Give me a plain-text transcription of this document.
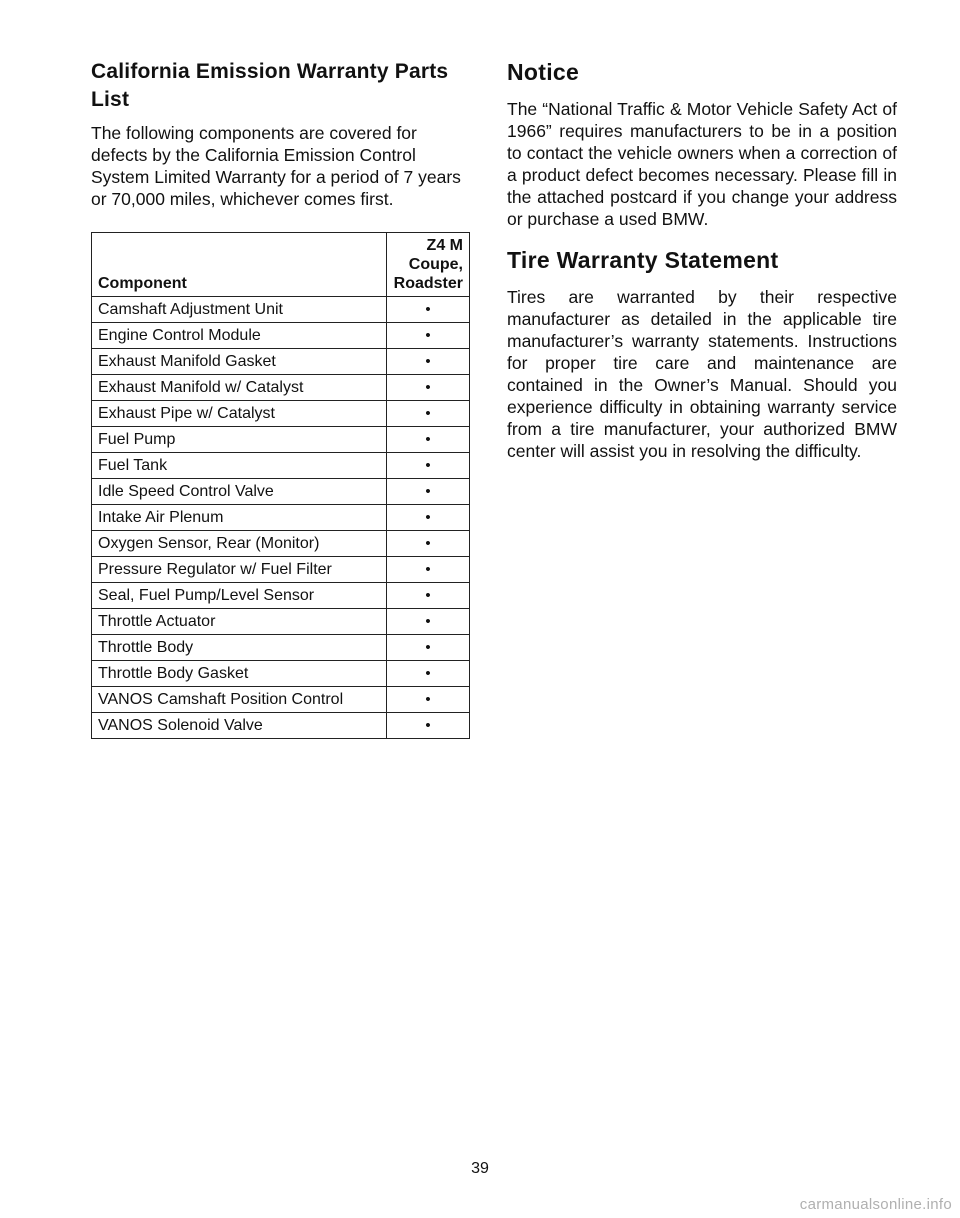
California Emission Warranty Parts List

The following components are covered for defects by the California Emission Control System Limited Warranty for a period of 7 years or 70,000 miles, whichever comes first.

Component	Z4 M Coupe, Roadster
Camshaft Adjustment Unit	•
Engine Control Module	•
Exhaust Manifold Gasket	•
Exhaust Manifold w/ Catalyst	•
Exhaust Pipe w/ Catalyst	•
Fuel Pump	•
Fuel Tank	•
Idle Speed Control Valve	•
Intake Air Plenum	•
Oxygen Sensor, Rear (Monitor)	•
Pressure Regulator w/ Fuel Filter	•
Seal, Fuel Pump/Level Sensor	•
Throttle Actuator	•
Throttle Body	•
Throttle Body Gasket	•
VANOS Camshaft Position Control	•
VANOS Solenoid Valve	•
Notice

The “National Traffic & Motor Vehicle Safety Act of 1966” requires manufacturers to be in a position to contact the vehicle owners when a correction of a product defect becomes necessary. Please fill in the attached postcard if you change your address or purchase a used BMW.

Tire Warranty Statement

Tires are warranted by their respective manufacturer as detailed in the applicable tire manufacturer’s warranty statements. Instructions for proper tire care and maintenance are contained in the Owner’s Manual. Should you experience difficulty in obtaining warranty service from a tire manufacturer, your authorized BMW center will assist you in resolving the difficulty.

39
carmanualsonline.info
